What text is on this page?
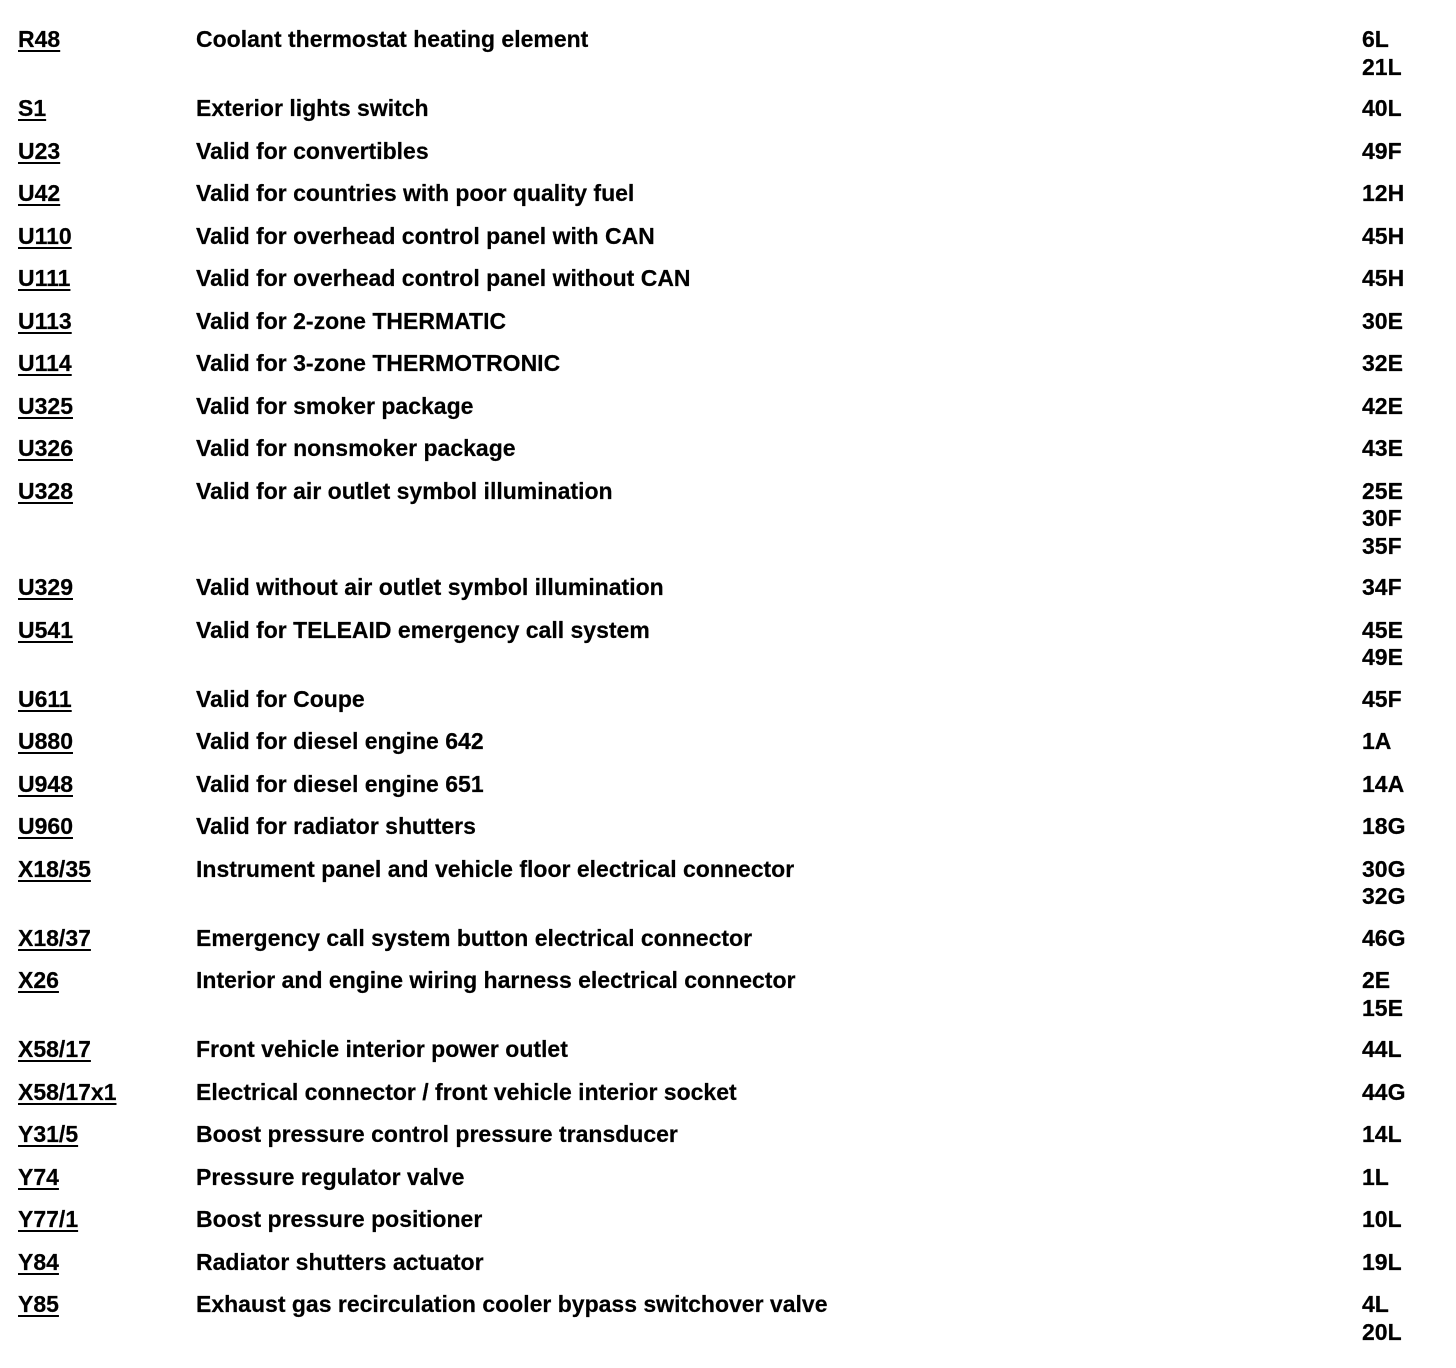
R48	Coolant thermostat heating element	6L
21L
S1	Exterior lights switch	40L
U23	Valid for convertibles	49F
U42	Valid for countries with poor quality fuel	12H
U110	Valid for overhead control panel with CAN	45H
U111	Valid for overhead control panel without CAN	45H
U113	Valid for 2-zone THERMATIC	30E
U114	Valid for 3-zone THERMOTRONIC	32E
U325	Valid for smoker package	42E
U326	Valid for nonsmoker package	43E
U328	Valid for air outlet symbol illumination	25E
30F
35F
U329	Valid without air outlet symbol illumination	34F
U541	Valid for TELEAID emergency call system	45E
49E
U611	Valid for Coupe	45F
U880	Valid for diesel engine 642	1A
U948	Valid for diesel engine 651	14A
U960	Valid for radiator shutters	18G
X18/35	Instrument panel and vehicle floor electrical connector	30G
32G
X18/37	Emergency call system button electrical connector	46G
X26	Interior and engine wiring harness electrical connector	2E
15E
X58/17	Front vehicle interior power outlet	44L
X58/17x1	Electrical connector / front vehicle interior socket	44G
Y31/5	Boost pressure control pressure transducer	14L
Y74	Pressure regulator valve	1L
Y77/1	Boost pressure positioner	10L
Y84	Radiator shutters actuator	19L
Y85	Exhaust gas recirculation cooler bypass switchover valve	4L
20L
